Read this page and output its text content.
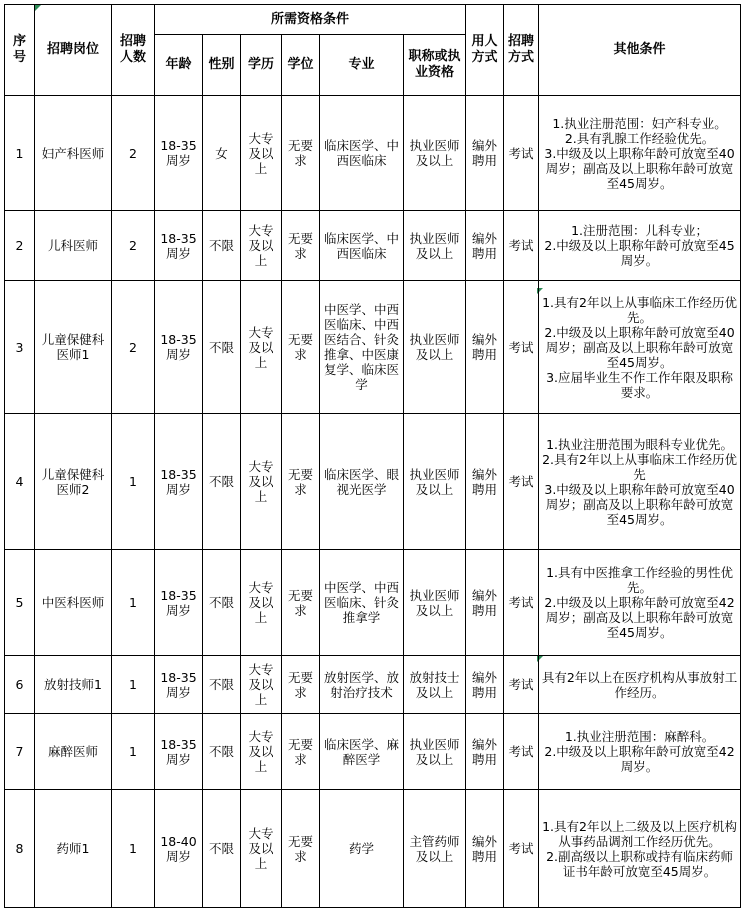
序号	招聘岗位	招聘人数	所需资格条件						用人方式	招聘方式	其他条件
			年龄	性别	学历	学位	专业	职称或执业资格			
1	妇产科医师	2	18-35周岁	女	大专及以上	无要求	临床医学、中西医临床	执业医师及以上	编外聘用	考试	1.执业注册范围：妇产科专业。
2.具有乳腺工作经验优先。
3.中级及以上职称年龄可放宽至40周岁；副高及以上职称年龄可放宽至45周岁。

2	儿科医师	2	18-35周岁	不限	大专及以上	无要求	临床医学、中西医临床	执业医师及以上	编外聘用	考试	1.注册范围：儿科专业；
2.中级及以上职称年龄可放宽至45周岁。

3	儿童保健科医师1	2	18-35周岁	不限	大专及以上	无要求	中医学、中西医临床、中西医结合、针灸推拿、中医康复学、临床医学	执业医师及以上	编外聘用	考试	1.具有2年以上从事临床工作经历优先。
2.中级及以上职称年龄可放宽至40周岁；副高及以上职称年龄可放宽至45周岁。
3.应届毕业生不作工作年限及职称要求。

4	儿童保健科医师2	1	18-35周岁	不限	大专及以上	无要求	临床医学、眼视光医学	执业医师及以上	编外聘用	考试	1.执业注册范围为眼科专业优先。
2.具有2年以上从事临床工作经历优先
3.中级及以上职称年龄可放宽至40周岁；副高及以上职称年龄可放宽至45周岁。

5	中医科医师	1	18-35周岁	不限	大专及以上	无要求	中医学、中西医临床、针灸推拿学	执业医师及以上	编外聘用	考试	1.具有中医推拿工作经验的男性优先。
2.中级及以上职称年龄可放宽至42周岁；副高及以上职称年龄可放宽至45周岁。

6	放射技师1	1	18-35周岁	不限	大专及以上	无要求	放射医学、放射治疗技术	放射技士及以上	编外聘用	考试	具有2年以上在医疗机构从事放射工作经历。

7	麻醉医师	1	18-35周岁	不限	大专及以上	无要求	临床医学、麻醉医学	执业医师及以上	编外聘用	考试	1.执业注册范围：麻醉科。
2.中级及以上职称年龄可放宽至42周岁。

8	药师1	1	18-40周岁	不限	大专及以上	无要求	药学	主管药师及以上	编外聘用	考试	1.具有2年以上二级及以上医疗机构从事药品调剂工作经历优先。
2.副高级以上职称或持有临床药师证书年龄可放宽至45周岁。
